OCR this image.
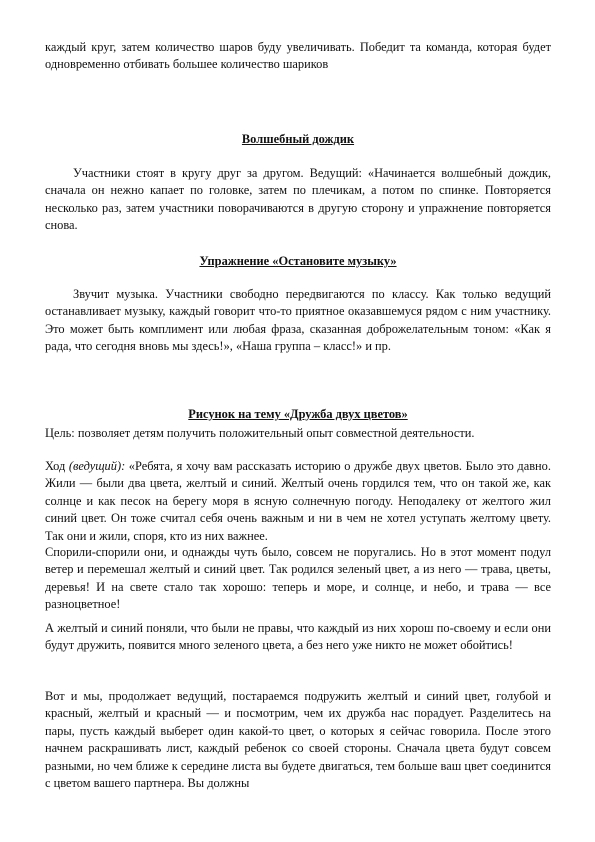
каждый круг, затем количество шаров буду увеличивать. Победит та команда, которая будет одновременно отбивать большее количество шариков
Волшебный дождик
Участники стоят в кругу друг за другом. Ведущий: «Начинается волшебный дождик, сначала он нежно капает по головке, затем по плечикам, а потом по спинке. Повторяется несколько раз, затем участники поворачиваются в другую сторону и упражнение повторяется снова.
Упражнение «Остановите музыку»
Звучит музыка. Участники свободно передвигаются по классу. Как только ведущий останавливает музыку, каждый говорит что-то приятное оказавшемуся рядом с ним участнику. Это может быть комплимент или любая фраза, сказанная доброжелательным тоном: «Как я рада, что сегодня вновь мы здесь!», «Наша группа – класс!» и пр.
Рисунок на тему «Дружба двух цветов»
Цель: позволяет детям получить положительный опыт совместной деятельности.
Ход (ведущий): «Ребята, я хочу вам рассказать историю о дружбе двух цветов. Было это давно. Жили — были два цвета, желтый и синий. Желтый очень гордился тем, что он такой же, как солнце и как песок на берегу моря в ясную солнечную погоду. Неподалеку от желтого жил синий цвет. Он тоже считал себя очень важным и ни в чем не хотел уступать желтому цвету. Так они и жили, споря, кто из них важнее.
Спорили-спорили они, и однажды чуть было, совсем не поругались. Но в этот момент подул ветер и перемешал желтый и синий цвет. Так родился зеленый цвет, а из него — трава, цветы, деревья! И на свете стало так хорошо: теперь и море, и солнце, и небо, и трава — все разноцветное!
А желтый и синий поняли, что были не правы, что каждый из них хорош по-своему и если они будут дружить, появится много зеленого цвета, а без него уже никто не может обойтись!
Вот и мы, продолжает ведущий, постараемся подружить желтый и синий цвет, голубой и красный, желтый и красный — и посмотрим, чем их дружба нас порадует. Разделитесь на пары, пусть каждый выберет один какой-то цвет, о которых я сейчас говорила. После этого начнем раскрашивать лист, каждый ребенок со своей стороны. Сначала цвета будут совсем разными, но чем ближе к середине листа вы будете двигаться, тем больше ваш цвет соединится с цветом вашего партнера. Вы должны
